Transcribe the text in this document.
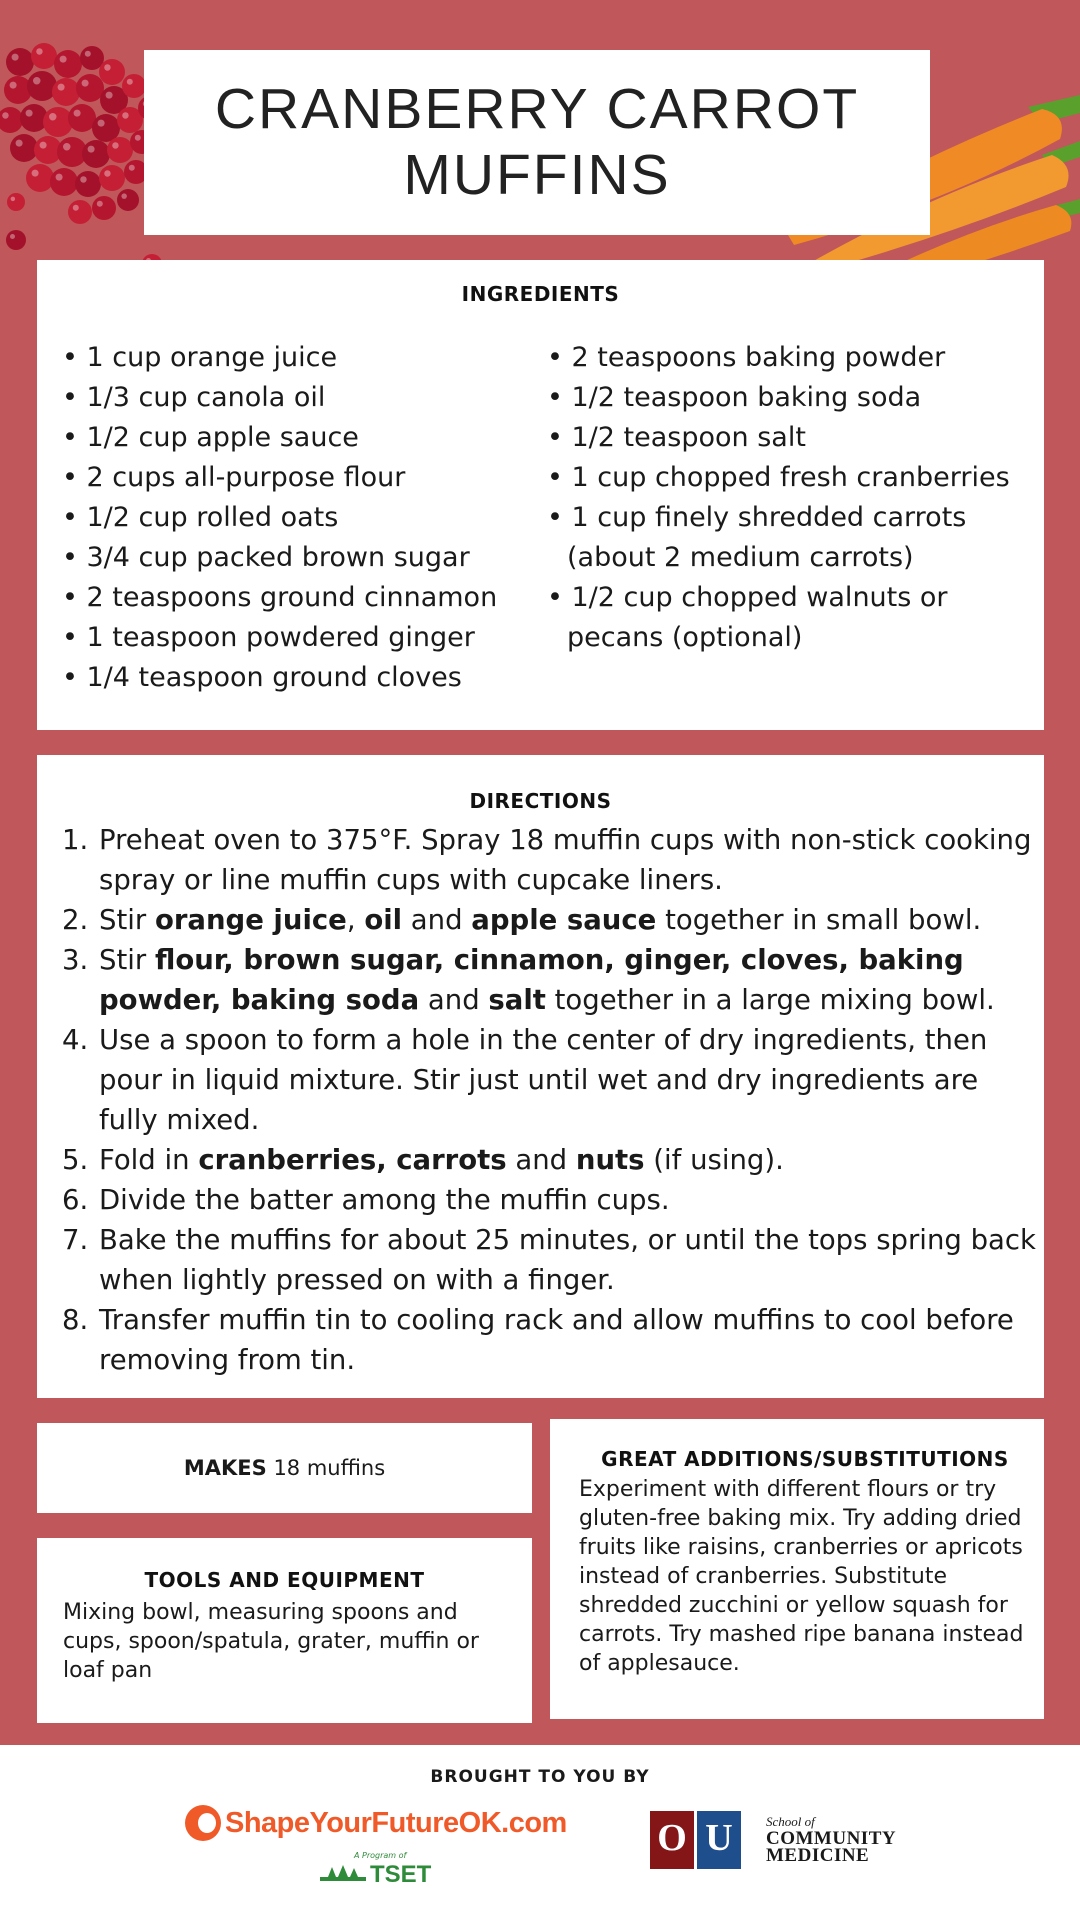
CRANBERRY CARROT
MUFFINS
INGREDIENTS
• 1 cup orange juice
• 1/3 cup canola oil
• 1/2 cup apple sauce
• 2 cups all-purpose flour
• 1/2 cup rolled oats
• 3/4 cup packed brown sugar
• 2 teaspoons ground cinnamon
• 1 teaspoon powdered ginger
• 1/4 teaspoon ground cloves
• 2 teaspoons baking powder
• 1/2 teaspoon baking soda
• 1/2 teaspoon salt
• 1 cup chopped fresh cranberries
• 1 cup finely shredded carrots
(about 2 medium carrots)
• 1/2 cup chopped walnuts or
pecans (optional)
DIRECTIONS
1. Preheat oven to 375°F. Spray 18 muffin cups with non-stick cooking spray or line muffin cups with cupcake liners.
2. Stir orange juice, oil and apple sauce together in small bowl.
3. Stir flour, brown sugar, cinnamon, ginger, cloves, baking powder, baking soda and salt together in a large mixing bowl.
4. Use a spoon to form a hole in the center of dry ingredients, then pour in liquid mixture. Stir just until wet and dry ingredients are fully mixed.
5. Fold in cranberries, carrots and nuts (if using).
6. Divide the batter among the muffin cups.
7. Bake the muffins for about 25 minutes, or until the tops spring back when lightly pressed on with a finger.
8. Transfer muffin tin to cooling rack and allow muffins to cool before removing from tin.
MAKES 18 muffins
TOOLS AND EQUIPMENT

Mixing bowl, measuring spoons and cups, spoon/spatula, grater, muffin or loaf pan

GREAT ADDITIONS/SUBSTITUTIONS

Experiment with different flours or try gluten-free baking mix. Try adding dried fruits like raisins, cranberries or apricots instead of cranberries. Substitute shredded zucchini or yellow squash for carrots. Try mashed ripe banana instead of applesauce.

BROUGHT TO YOU BY
ShapeYourFutureOK.com
A Program of
TSET
O U	School of
COMMUNITY
MEDICINE
